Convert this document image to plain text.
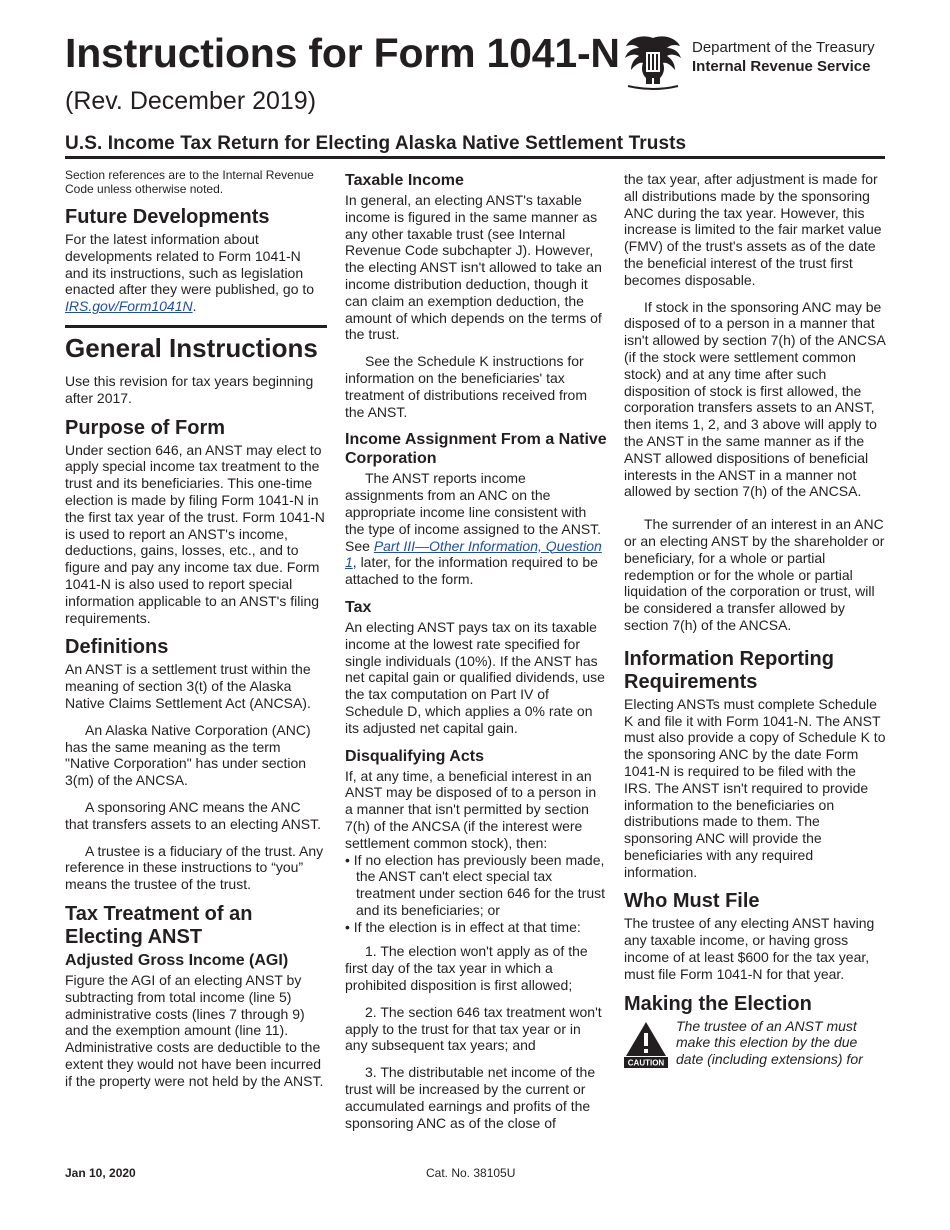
Instructions for Form 1041-N
(Rev. December 2019)
Department of the Treasury
Internal Revenue Service
U.S. Income Tax Return for Electing Alaska Native Settlement Trusts

Section references are to the Internal Revenue Code unless otherwise noted.

Future Developments

For the latest information about developments related to Form 1041-N and its instructions, such as legislation enacted after they were published, go to IRS.gov/Form1041N.

General Instructions

Use this revision for tax years beginning after 2017.

Purpose of Form

Under section 646, an ANST may elect to apply special income tax treatment to the trust and its beneficiaries. This one-time election is made by filing Form 1041-N in the first tax year of the trust. Form 1041-N is used to report an ANST's income, deductions, gains, losses, etc., and to figure and pay any income tax due. Form 1041-N is also used to report special information applicable to an ANST's filing requirements.

Definitions

An ANST is a settlement trust within the meaning of section 3(t) of the Alaska Native Claims Settlement Act (ANCSA).

An Alaska Native Corporation (ANC) has the same meaning as the term "Native Corporation" has under section 3(m) of the ANCSA.

A sponsoring ANC means the ANC that transfers assets to an electing ANST.

A trustee is a fiduciary of the trust. Any reference in these instructions to “you” means the trustee of the trust.

Tax Treatment of an Electing ANST
Adjusted Gross Income (AGI)

Figure the AGI of an electing ANST by subtracting from total income (line 5) administrative costs (lines 7 through 9) and the exemption amount (line 11). Administrative costs are deductible to the extent they would not have been incurred if the property were not held by the ANST.

Taxable Income

In general, an electing ANST's taxable income is figured in the same manner as any other taxable trust (see Internal Revenue Code subchapter J). However, the electing ANST isn't allowed to take an income distribution deduction, though it can claim an exemption deduction, the amount of which depends on the terms of the trust.

See the Schedule K instructions for information on the beneficiaries' tax treatment of distributions received from the ANST.

Income Assignment From a Native Corporation

The ANST reports income assignments from an ANC on the appropriate income line consistent with the type of income assigned to the ANST. See Part III—Other Information, Question 1, later, for the information required to be attached to the form.

Tax

An electing ANST pays tax on its taxable income at the lowest rate specified for single individuals (10%). If the ANST has net capital gain or qualified dividends, use the tax computation on Part IV of Schedule D, which applies a 0% rate on its adjusted net capital gain.

Disqualifying Acts

If, at any time, a beneficial interest in an ANST may be disposed of to a person in a manner that isn't permitted by section 7(h) of the ANCSA (if the interest were settlement common stock), then:

• If no election has previously been made, the ANST can't elect special tax treatment under section 646 for the trust and its beneficiaries; or

• If the election is in effect at that time:

1. The election won't apply as of the first day of the tax year in which a prohibited disposition is first allowed;

2. The section 646 tax treatment won't apply to the trust for that tax year or in any subsequent tax years; and

3. The distributable net income of the trust will be increased by the current or accumulated earnings and profits of the sponsoring ANC as of the close of

the tax year, after adjustment is made for all distributions made by the sponsoring ANC during the tax year. However, this increase is limited to the fair market value (FMV) of the trust's assets as of the date the beneficial interest of the trust first becomes disposable.

If stock in the sponsoring ANC may be disposed of to a person in a manner that isn't allowed by section 7(h) of the ANCSA (if the stock were settlement common stock) and at any time after such disposition of stock is first allowed, the corporation transfers assets to an ANST, then items 1, 2, and 3 above will apply to the ANST in the same manner as if the ANST allowed dispositions of beneficial interests in the ANST in a manner not allowed by section 7(h) of the ANCSA.

The surrender of an interest in an ANC or an electing ANST by the shareholder or beneficiary, for a whole or partial redemption or for the whole or partial liquidation of the corporation or trust, will be considered a transfer allowed by section 7(h) of the ANCSA.

Information Reporting Requirements

Electing ANSTs must complete Schedule K and file it with Form 1041-N. The ANST must also provide a copy of Schedule K to the sponsoring ANC by the date Form 1041-N is required to be filed with the IRS. The ANST isn't required to provide information to the beneficiaries on distributions made to them. The sponsoring ANC will provide the beneficiaries with any required information.

Who Must File

The trustee of any electing ANST having any taxable income, or having gross income of at least $600 for the tax year, must file Form 1041-N for that year.

Making the Election
CAUTION

The trustee of an ANST must make this election by the due date (including extensions) for

Jan 10, 2020	Cat. No. 38105U
